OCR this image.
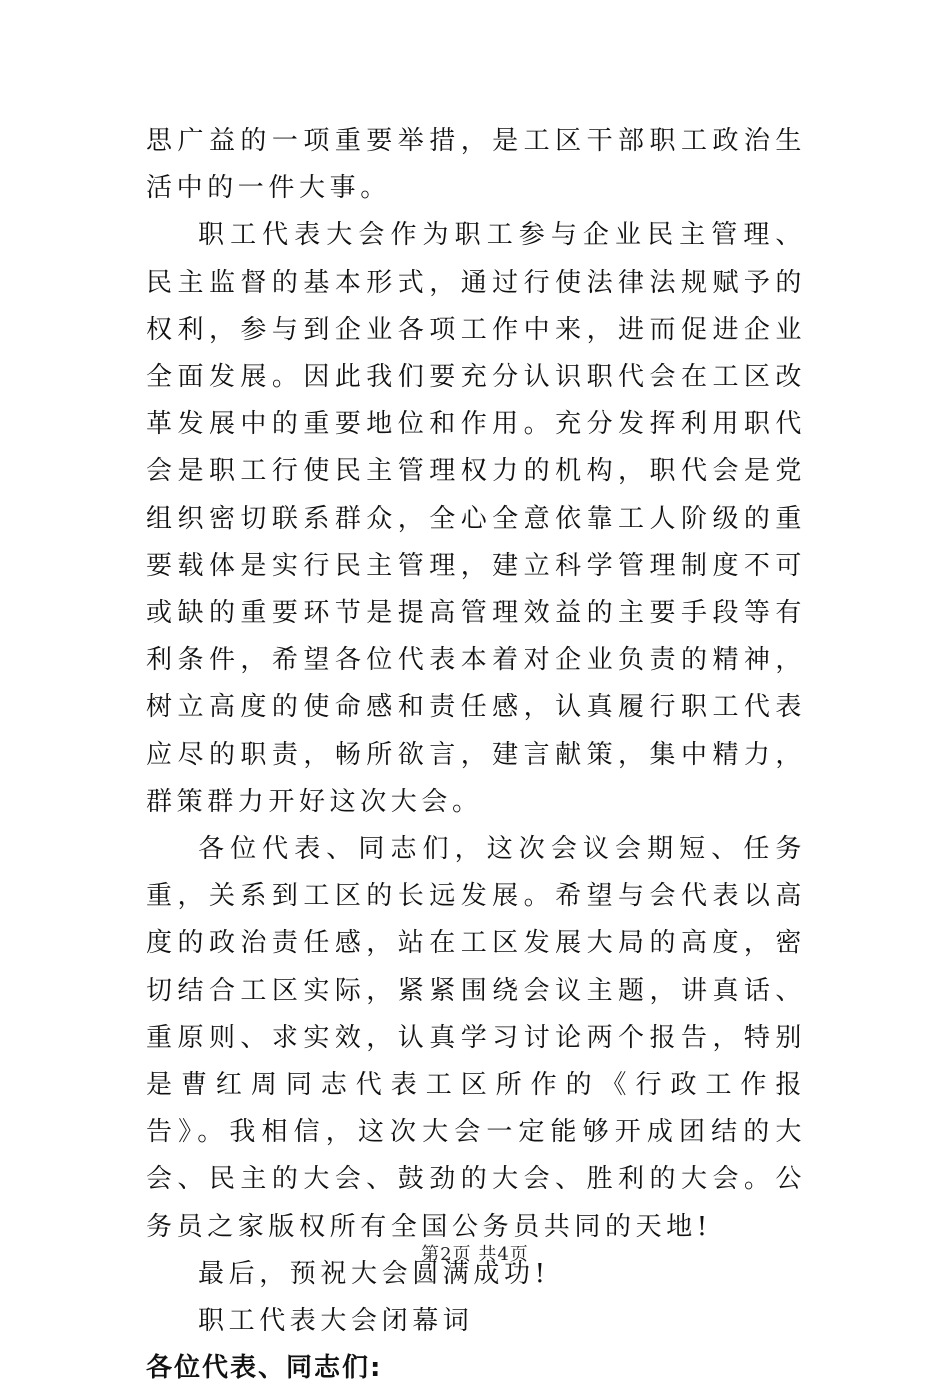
思广益的一项重要举措，是工区干部职工政治生活中的一件大事。

职工代表大会作为职工参与企业民主管理、民主监督的基本形式，通过行使法律法规赋予的权利，参与到企业各项工作中来，进而促进企业全面发展。因此我们要充分认识职代会在工区改革发展中的重要地位和作用。充分发挥利用职代会是职工行使民主管理权力的机构，职代会是党组织密切联系群众，全心全意依靠工人阶级的重要载体是实行民主管理，建立科学管理制度不可或缺的重要环节是提高管理效益的主要手段等有利条件，希望各位代表本着对企业负责的精神，树立高度的使命感和责任感，认真履行职工代表应尽的职责，畅所欲言，建言献策，集中精力，群策群力开好这次大会。

各位代表、同志们，这次会议会期短、任务重，关系到工区的长远发展。希望与会代表以高度的政治责任感，站在工区发展大局的高度，密切结合工区实际，紧紧围绕会议主题，讲真话、重原则、求实效，认真学习讨论两个报告，特别是曹红周同志代表工区所作的《行政工作报告》。我相信，这次大会一定能够开成团结的大会、民主的大会、鼓劲的大会、胜利的大会。公务员之家版权所有全国公务员共同的天地!

最后，预祝大会圆满成功!

职工代表大会闭幕词

各位代表、同志们:

第2页 共4页
